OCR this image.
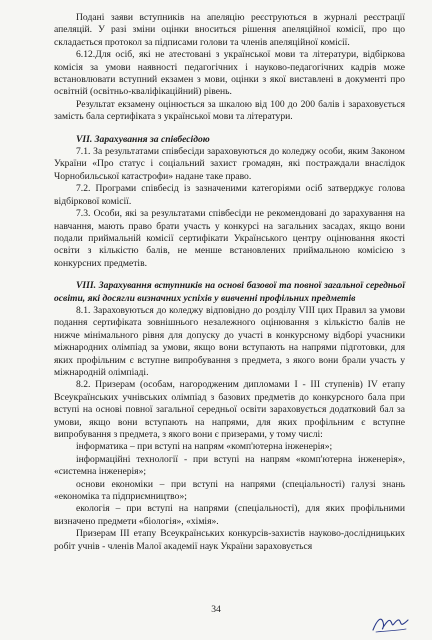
Подані заяви вступників на апеляцію реєструються в журналі реєстрації апеляцій. У разі зміни оцінки вноситься рішення апеляційної комісії, про що складається протокол за підписами голови та членів апеляційної комісії.

6.12.Для осіб, які не атестовані з української мови та літератури, відбіркова комісія за умови наявності педагогічних і науково-педагогічних кадрів може встановлювати вступний екзамен з мови, оцінки з якої виставлені в документі про освітній (освітньо-кваліфікаційний) рівень.

Результат екзамену оцінюється за шкалою від 100 до 200 балів і зараховується замість бала сертифіката з української мови та літератури.

VII. Зарахування за співбесідою

7.1. За результатами співбесіди зараховуються до коледжу особи, яким Законом України «Про статус і соціальний захист громадян, які постраждали внаслідок Чорнобильської катастрофи» надане таке право.

7.2. Програми співбесід із зазначеними категоріями осіб затверджує голова відбіркової комісії.

7.3. Особи, які за результатами співбесіди не рекомендовані до зарахування на навчання, мають право брати участь у конкурсі на загальних засадах, якщо вони подали приймальній комісії сертифікати Українського центру оцінювання якості освіти з кількістю балів, не менше встановлених приймальною комісією з конкурсних предметів.

VIII. Зарахування вступників на основі базової та повної загальної середньої освіти, які досягли визначних успіхів у вивченні профільних предметів

8.1. Зараховуються до коледжу відповідно до розділу VIII цих Правил за умови подання сертифіката зовнішнього незалежного оцінювання з кількістю балів не нижче мінімального рівня для допуску до участі в конкурсному відборі учасники міжнародних олімпіад за умови, якщо вони вступають на напрями підготовки, для яких профільним є вступне випробування з предмета, з якого вони брали участь у міжнародній олімпіаді.

8.2. Призерам (особам, нагородженим дипломами I - III ступенів) IV етапу Всеукраїнських учнівських олімпіад з базових предметів до конкурсного бала при вступі на основі повної загальної середньої освіти зараховується додатковий бал за умови, якщо вони вступають на напрями, для яких профільним є вступне випробування з предмета, з якого вони є призерами, у тому числі:

інформатика – при вступі на напрям «комп'ютерна інженерія»;

інформаційні технології - при вступі на напрям «комп'ютерна інженерія», «системна інженерія»;

основи економіки – при вступі на напрями (спеціальності) галузі знань «економіка та підприємництво»;

екологія – при вступі на напрями (спеціальності), для яких профільними визначено предмети «біологія», «хімія».

Призерам III етапу Всеукраїнських конкурсів-захистів науково-дослідницьких робіт учнів - членів Малої академії наук України зараховується

34
